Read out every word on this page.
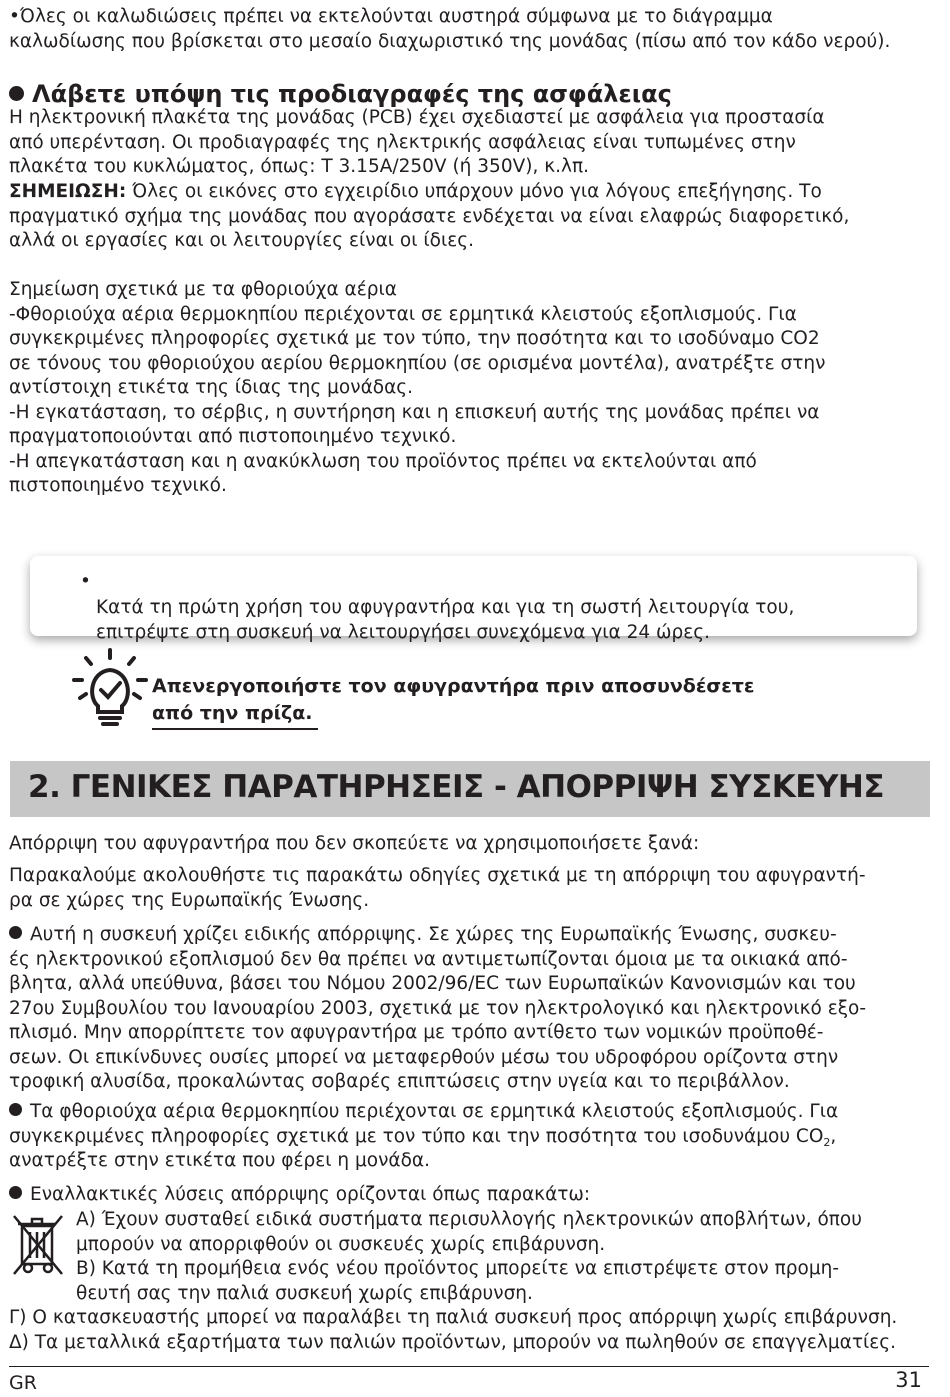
•Όλες οι καλωδιώσεις πρέπει να εκτελούνται αυστηρά σύμφωνα με το διάγραμμα
καλωδίωσης που βρίσκεται στο μεσαίο διαχωριστικό της μονάδας (πίσω από τον κάδο νερού).

Λάβετε υπόψη τις προδιαγραφές της ασφάλειας

Η ηλεκτρονική πλακέτα της μονάδας (PCB) έχει σχεδιαστεί με ασφάλεια για προστασία
από υπερένταση. Οι προδιαγραφές της ηλεκτρικής ασφάλειας είναι τυπωμένες στην
πλακέτα του κυκλώματος, όπως: T 3.15A/250V (ή 350V), κ.λπ.

ΣΗΜΕΙΩΣΗ: Όλες οι εικόνες στο εγχειρίδιο υπάρχουν μόνο για λόγους επεξήγησης. Το
πραγματικό σχήμα της μονάδας που αγοράσατε ενδέχεται να είναι ελαφρώς διαφορετικό,
αλλά οι εργασίες και οι λειτουργίες είναι οι ίδιες.

Σημείωση σχετικά με τα φθοριούχα αέρια
-Φθοριούχα αέρια θερμοκηπίου περιέχονται σε ερμητικά κλειστούς εξοπλισμούς. Για
συγκεκριμένες πληροφορίες σχετικά με τον τύπο, την ποσότητα και το ισοδύναμο CO2
σε τόνους του φθοριούχου αερίου θερμοκηπίου (σε ορισμένα μοντέλα), ανατρέξτε στην
αντίστοιχη ετικέτα της ίδιας της μονάδας.
-Η εγκατάσταση, το σέρβις, η συντήρηση και η επισκευή αυτής της μονάδας πρέπει να
πραγματοποιούνται από πιστοποιημένο τεχνικό.
-Η απεγκατάσταση και η ανακύκλωση του προϊόντος πρέπει να εκτελούνται από
πιστοποιημένο τεχνικό.

•
Κατά τη πρώτη χρήση του αφυγραντήρα και για τη σωστή λειτουργία του,
επιτρέψτε στη συσκευή να λειτουργήσει συνεχόμενα για 24 ώρες.
Απενεργοποιήστε τον αφυγραντήρα πριν αποσυνδέσετε
από την πρίζα.
2. ΓΕΝΙΚΕΣ ΠΑΡΑΤΗΡΗΣΕΙΣ - ΑΠΟΡΡΙΨΗ ΣΥΣΚΕΥΗΣ

Απόρριψη του αφυγραντήρα που δεν σκοπεύετε να χρησιμοποιήσετε ξανά:

Παρακαλούμε ακολουθήστε τις παρακάτω οδηγίες σχετικά με τη απόρριψη του αφυγραντή-
ρα σε χώρες της Ευρωπαϊκής Ένωσης.

Αυτή η συσκευή χρίζει ειδικής απόρριψης. Σε χώρες της Ευρωπαϊκής Ένωσης, συσκευ-
ές ηλεκτρονικού εξοπλισμού δεν θα πρέπει να αντιμετωπίζονται όμοια με τα οικιακά από-
βλητα, αλλά υπεύθυνα, βάσει του Νόμου 2002/96/EC των Ευρωπαϊκών Κανονισμών και του
27ου Συμβουλίου του Ιανουαρίου 2003, σχετικά με τον ηλεκτρολογικό και ηλεκτρονικό εξο-
πλισμό. Μην απορρίπτετε τον αφυγραντήρα με τρόπο αντίθετο των νομικών προϋποθέ-
σεων. Οι επικίνδυνες ουσίες μπορεί να μεταφερθούν μέσω του υδροφόρου ορίζοντα στην
τροφική αλυσίδα, προκαλώντας σοβαρές επιπτώσεις στην υγεία και το περιβάλλον.

Τα φθοριούχα αέρια θερμοκηπίου περιέχονται σε ερμητικά κλειστούς εξοπλισμούς. Για
συγκεκριμένες πληροφορίες σχετικά με τον τύπο και την ποσότητα του ισοδυνάμου $CO_2$,
ανατρέξτε στην ετικέτα που φέρει η μονάδα.

Εναλλακτικές λύσεις απόρριψης ορίζονται όπως παρακάτω:

Α) Έχουν συσταθεί ειδικά συστήματα περισυλλογής ηλεκτρονικών αποβλήτων, όπου
μπορούν να απορριφθούν οι συσκευές χωρίς επιβάρυνση.

Β) Κατά τη προμήθεια ενός νέου προϊόντος μπορείτε να επιστρέψετε στον προμη-
θευτή σας την παλιά συσκευή χωρίς επιβάρυνση.

Γ) Ο κατασκευαστής μπορεί να παραλάβει τη παλιά συσκευή προς απόρριψη χωρίς επιβάρυνση.

Δ) Τα μεταλλικά εξαρτήματα των παλιών προϊόντων, μπορούν να πωληθούν σε επαγγελματίες.

GR	31
